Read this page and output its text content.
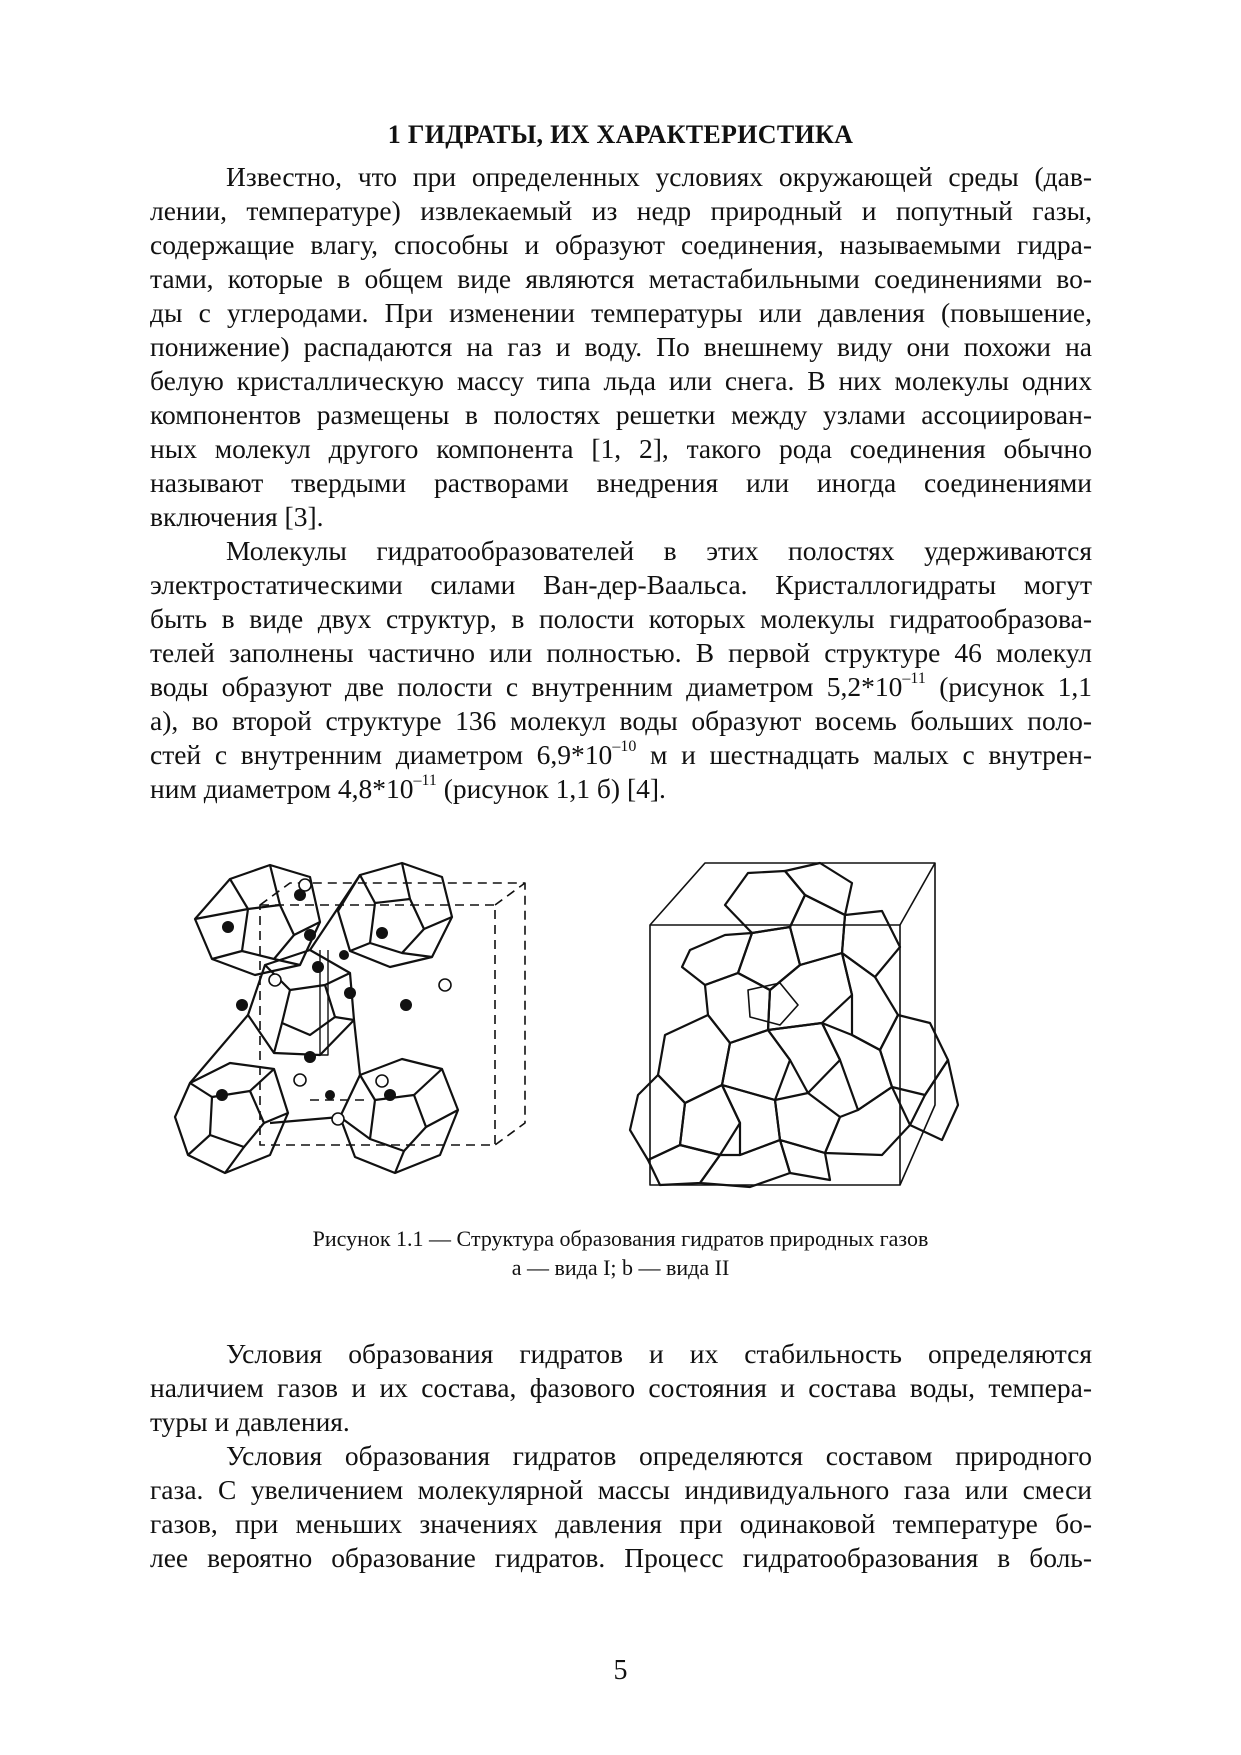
1 ГИДРАТЫ, ИХ ХАРАКТЕРИСТИКА
Известно, что при определенных условиях окружающей среды (дав-
лении, температуре) извлекаемый из недр природный и попутный газы,
содержащие влагу, способны и образуют соединения, называемыми гидра-
тами, которые в общем виде являются метастабильными соединениями во-
ды с углеродами. При изменении температуры или давления (повышение,
понижение) распадаются на газ и воду. По внешнему виду они похожи на
белую кристаллическую массу типа льда или снега. В них молекулы одних
компонентов размещены в полостях решетки между узлами ассоциирован-
ных молекул другого компонента [1, 2], такого рода соединения обычно
называют твердыми растворами внедрения или иногда соединениями
включения [3].
Молекулы гидратообразователей в этих полостях удерживаются
электростатическими силами Ван-дер-Ваальса. Кристаллогидраты могут
быть в виде двух структур, в полости которых молекулы гидратообразова-
телей заполнены частично или полностью. В первой структуре 46 молекул
воды образуют две полости с внутренним диаметром $5,2*10^{-11}$ (рисунок 1,1
а), во второй структуре 136 молекул воды образуют восемь больших поло-
стей с внутренним диаметром $6,9*10^{-10}$ м и шестнадцать малых с внутрен-
ним диаметром $4,8*10^{-11}$ (рисунок 1,1 б) [4].

Рисунок 1.1 — Структура образования гидратов природных газов
а — вида I; b — вида II

Условия образования гидратов и их стабильность определяются
наличием газов и их состава, фазового состояния и состава воды, темпера-
туры и давления.
Условия образования гидратов определяются составом природного
газа. С увеличением молекулярной массы индивидуального газа или смеси
газов, при меньших значениях давления при одинаковой температуре бо-
лее вероятно образование гидратов. Процесс гидратообразования в боль-

5
